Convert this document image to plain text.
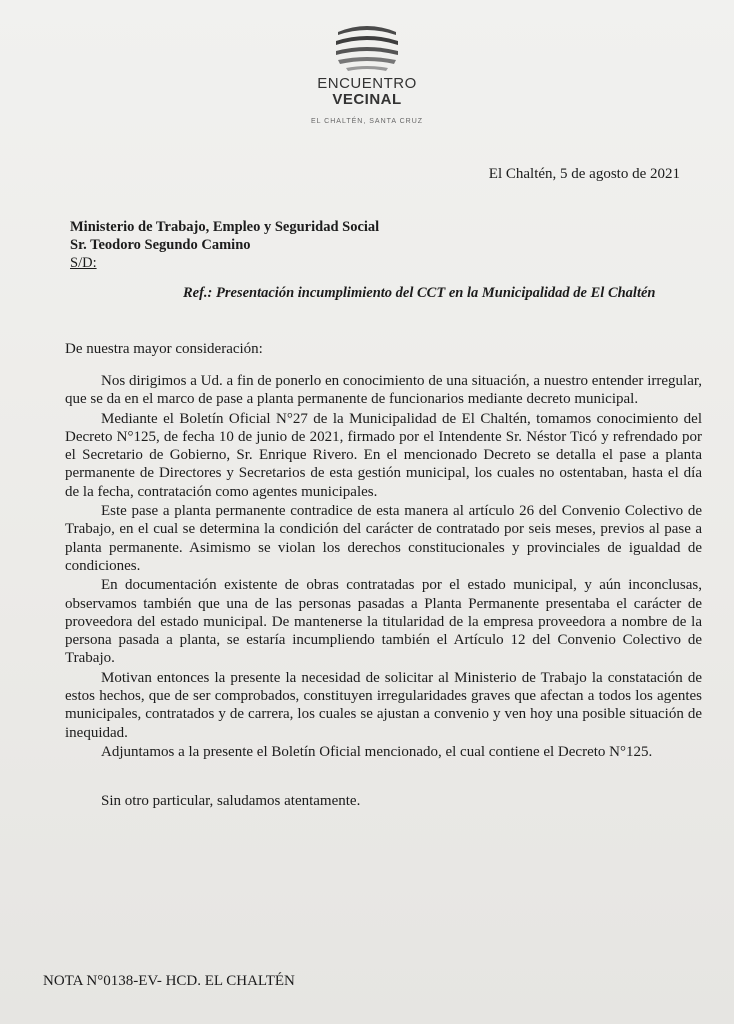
ENCUENTRO
VECINAL
EL CHALTÉN, SANTA CRUZ
El Chaltén, 5 de agosto de 2021
Ministerio de Trabajo, Empleo y Seguridad Social
Sr. Teodoro Segundo Camino
S/D:
Ref.: Presentación incumplimiento del CCT en la Municipalidad de El Chaltén
De nuestra mayor consideración:

Nos dirigimos a Ud. a fin de ponerlo en conocimiento de una situación, a nuestro entender irregular, que se da en el marco de pase a planta permanente de funcionarios mediante decreto municipal.

Mediante el Boletín Oficial N°27 de la Municipalidad de El Chaltén, tomamos conocimiento del Decreto N°125, de fecha 10 de junio de 2021, firmado por el Intendente Sr. Néstor Ticó y refrendado por el Secretario de Gobierno, Sr. Enrique Rivero. En el mencionado Decreto se detalla el pase a planta permanente de Directores y Secretarios de esta gestión municipal, los cuales no ostentaban, hasta el día de la fecha, contratación como agentes municipales.

Este pase a planta permanente contradice de esta manera al artículo 26 del Convenio Colectivo de Trabajo, en el cual se determina la condición del carácter de contratado por seis meses, previos al pase a planta permanente. Asimismo se violan los derechos constitucionales y provinciales de igualdad de condiciones.

En documentación existente de obras contratadas por el estado municipal, y aún inconclusas, observamos también que una de las personas pasadas a Planta Permanente presentaba el carácter de proveedora del estado municipal. De mantenerse la titularidad de la empresa proveedora a nombre de la persona pasada a planta, se estaría incumpliendo también el Artículo 12 del Convenio Colectivo de Trabajo.

Motivan entonces la presente la necesidad de solicitar al Ministerio de Trabajo la constatación de estos hechos, que de ser comprobados, constituyen irregularidades graves que afectan a todos los agentes municipales, contratados y de carrera, los cuales se ajustan a convenio y ven hoy una posible situación de inequidad.

Adjuntamos a la presente el Boletín Oficial mencionado, el cual contiene el Decreto N°125.

Sin otro particular, saludamos atentamente.
NOTA N°0138-EV- HCD. EL CHALTÉN
